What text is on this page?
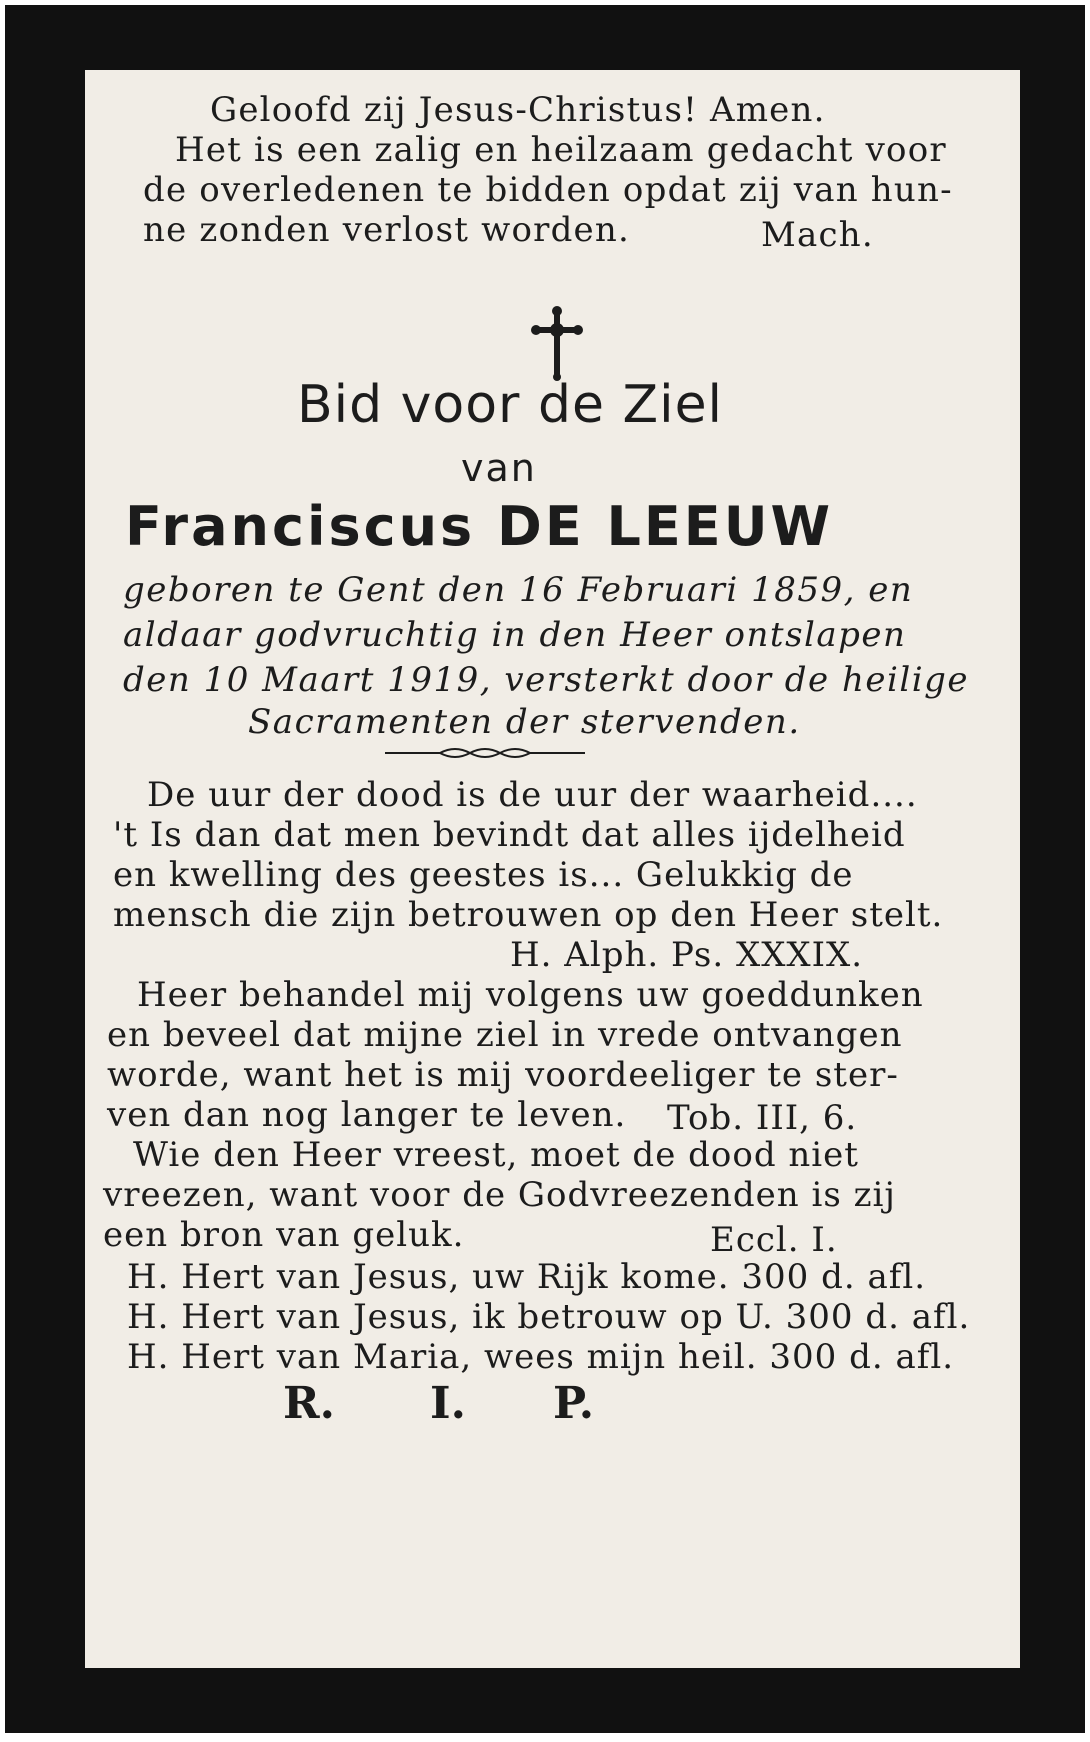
Geloofd zij Jesus-Christus! Amen.
Het is een zalig en heilzaam gedacht voor
de overledenen te bidden opdat zij van hun-
ne zonden verlost worden.	Mach.
Bid voor de Ziel
van
Franciscus DE LEEUW
geboren te Gent den 16 Februari 1859, en
aldaar godvruchtig in den Heer ontslapen
den 10 Maart 1919, versterkt door de heilige
Sacramenten der stervenden.
De uur der dood is de uur der waarheid....
't Is dan dat men bevindt dat alles ijdelheid
en kwelling des geestes is... Gelukkig de
mensch die zijn betrouwen op den Heer stelt.
H. Alph. Ps. XXXIX.
Heer behandel mij volgens uw goeddunken
en beveel dat mijne ziel in vrede ontvangen
worde, want het is mij voordeeliger te ster-
ven dan nog langer te leven. Tob. III, 6.
Wie den Heer vreest, moet de dood niet
vreezen, want voor de Godvreezenden is zij
een bron van geluk.	Eccl. I.
H. Hert van Jesus, uw Rijk kome. 300 d. afl.
H. Hert van Jesus, ik betrouw op U. 300 d. afl.
H. Hert van Maria, wees mijn heil. 300 d. afl.
R. I. P.
